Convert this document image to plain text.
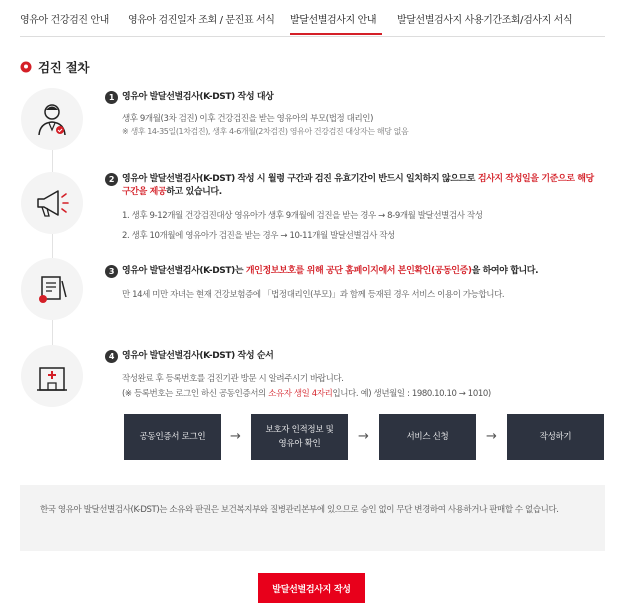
영유아 건강검진 안내 영유아 검진일자 조회 / 문진표 서식 발달선별검사지 안내 발달선별검사지 사용기간조회/검사지 서식
검진 절차
1 영유아 발달선별검사(K-DST) 작성 대상
생후 9개월(3차 검진) 이후 건강검진을 받는 영유아의 부모(법정 대리인)
※ 생후 14-35일(1차검진), 생후 4-6개월(2차검진) 영유아 건강검진 대상자는 해당 없음
2 영유아 발달선별검사(K-DST) 작성 시 월령 구간과 검진 유효기간이 반드시 일치하지 않으므로 검사지 작성일을 기준으로 해당 구간을 제공하고 있습니다.
1. 생후 9-12개월 건강검진대상 영유아가 생후 9개월에 검진을 받는 경우 → 8-9개월 발달선별검사 작성
2. 생후 10개월에 영유아가 검진을 받는 경우 → 10-11개월 발달선별검사 작성
3 영유아 발달선별검사(K-DST)는 개인정보보호를 위해 공단 홈페이지에서 본인확인(공동인증)을 하여야 합니다.
만 14세 미만 자녀는 현재 건강보험증에 「법정대리인(부모)」과 함께 등재된 경우 서비스 이용이 가능합니다.
4 영유아 발달선별검사(K-DST) 작성 순서
작성완료 후 등록번호를 검진기관 방문 시 알려주시기 바랍니다.
(※ 등록번호는 로그인 하신 공동인증서의 소유자 생일 4자리입니다. 예) 생년월일 : 1980.10.10 → 1010)
공동인증서 로그인	→	보호자 인적정보 및
영유아 확인	→	서비스 신청	→	작성하기

한국 영유아 발달선별검사(K-DST)는 소유와 판권은 보건복지부와 질병관리본부에 있으므로 승인 없이 무단 변경하여 사용하거나 판매할 수 없습니다.

발달선별검사지 작성
